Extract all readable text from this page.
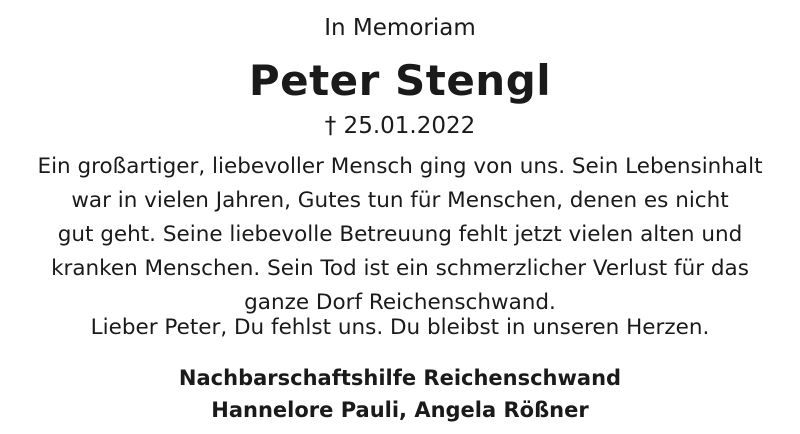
In Memoriam
Peter Stengl
† 25.01.2022

Ein großartiger, liebevoller Mensch ging von uns. Sein Lebensinhalt
war in vielen Jahren, Gutes tun für Menschen, denen es nicht
gut geht. Seine liebevolle Betreuung fehlt jetzt vielen alten und
kranken Menschen. Sein Tod ist ein schmerzlicher Verlust für das
ganze Dorf Reichenschwand.

Lieber Peter, Du fehlst uns. Du bleibst in unseren Herzen.

Nachbarschaftshilfe Reichenschwand
Hannelore Pauli, Angela Rößner
